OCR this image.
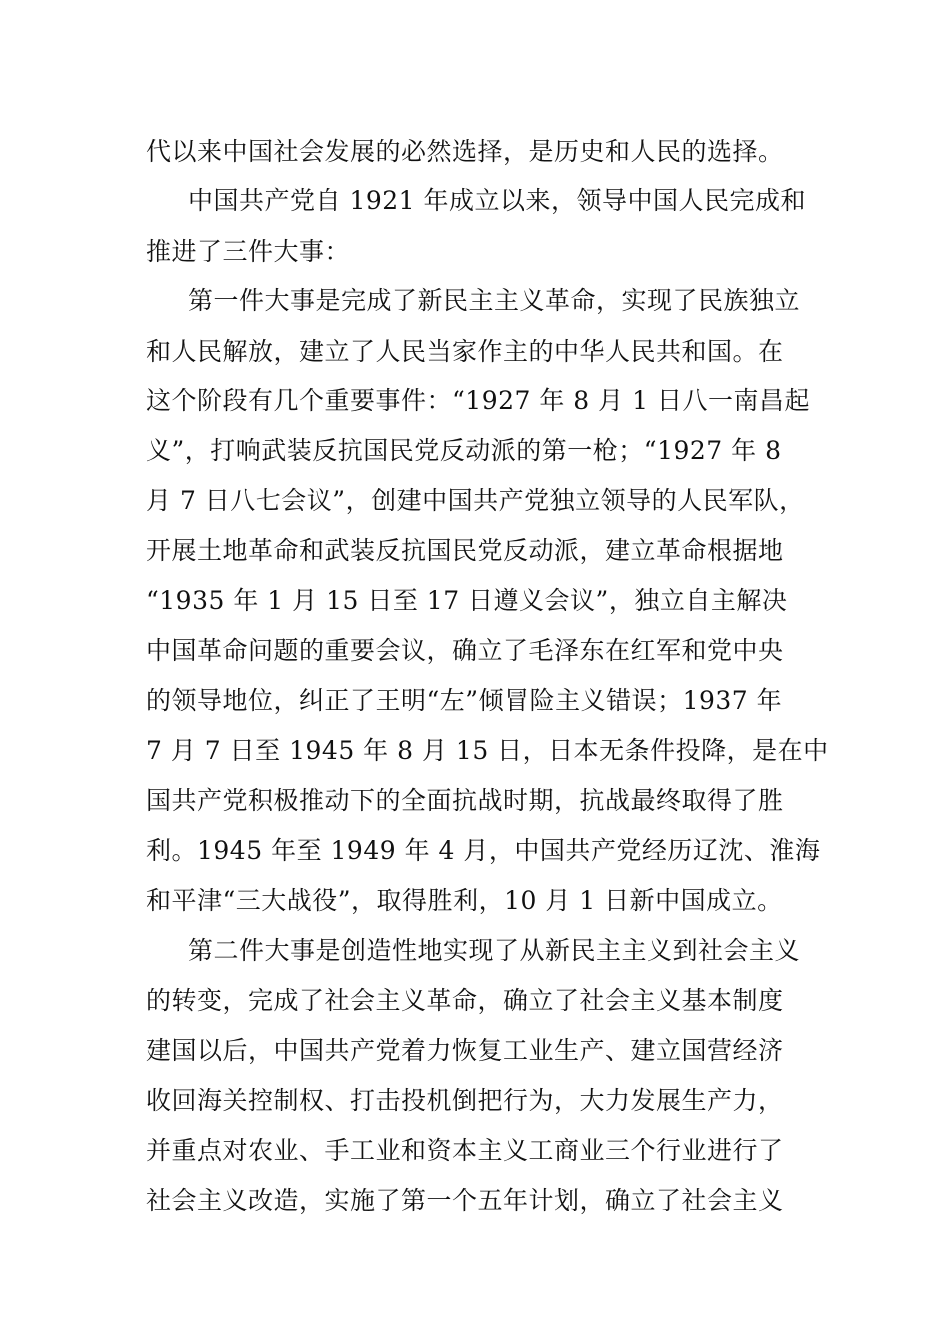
代以来中国社会发展的必然选择，是历史和人民的选择。
中国共产党自 1921 年成立以来，领导中国人民完成和
推进了三件大事：
第一件大事是完成了新民主主义革命，实现了民族独立
和人民解放，建立了人民当家作主的中华人民共和国。在
这个阶段有几个重要事件：“1927 年 8 月 1 日八一南昌起
义”，打响武装反抗国民党反动派的第一枪；“1927 年 8
月 7 日八七会议”，创建中国共产党独立领导的人民军队，
开展土地革命和武装反抗国民党反动派，建立革命根据地
“1935 年 1 月 15 日至 17 日遵义会议”，独立自主解决
中国革命问题的重要会议，确立了毛泽东在红军和党中央
的领导地位，纠正了王明“左”倾冒险主义错误；1937 年
7 月 7 日至 1945 年 8 月 15 日，日本无条件投降，是在中
国共产党积极推动下的全面抗战时期，抗战最终取得了胜
利。1945 年至 1949 年 4 月，中国共产党经历辽沈、淮海
和平津“三大战役”，取得胜利，10 月 1 日新中国成立。
第二件大事是创造性地实现了从新民主主义到社会主义
的转变，完成了社会主义革命，确立了社会主义基本制度
建国以后，中国共产党着力恢复工业生产、建立国营经济
收回海关控制权、打击投机倒把行为，大力发展生产力，
并重点对农业、手工业和资本主义工商业三个行业进行了
社会主义改造，实施了第一个五年计划，确立了社会主义
